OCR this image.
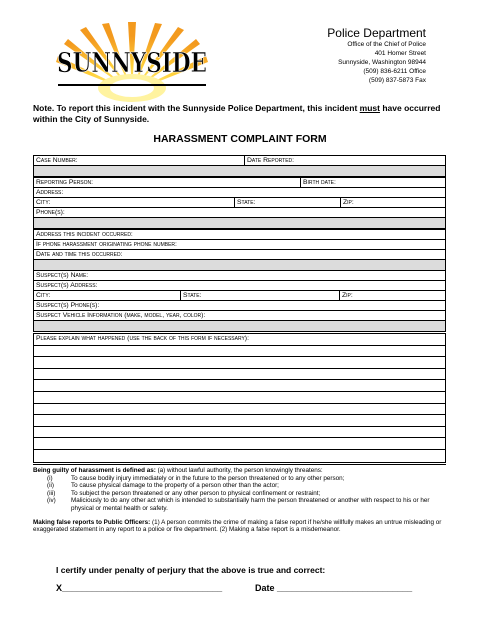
SUNNYSIDE
Police Department
Office of the Chief of Police
401 Homer Street
Sunnyside, Washington 98944
(509) 836-6211 Office
(509) 837-5873 Fax
Note. To report this incident with the Sunnyside Police Department, this incident must have occurred within the City of Sunnyside.
HARASSMENT COMPLAINT FORM
Case Number:	Date Reported:
Reporting Person:	Birth date:
Address:
City:	State:	Zip:
Phone(s):
Address this incident occurred:
If phone harassment originating phone number:
Date and time this occurred:
Suspect(s) Name:
Suspect(s) Address:
City:	State:	Zip:
Suspect(s) Phone(s):
Suspect Vehicle Information (make, model, year, color):
Please explain what happened (use the back of this form if necessary):
Being guilty of harassment is defined as: (a) without lawful authority, the person knowingly threatens:
(i)	To cause bodily injury immediately or in the future to the person threatened or to any other person;
(ii)	To cause physical damage to the property of a person other than the actor;
(iii)	To subject the person threatened or any other person to physical confinement or restraint;
(iv)	Maliciously to do any other act which is intended to substantially harm the person threatened or another with respect to his or her physical or mental health or safety.
Making false reports to Public Officers: (1) A person commits the crime of making a false report if he/she willfully makes an untrue misleading or exaggerated statement in any report to a police or fire department. (2) Making a false report is a misdemeanor.
I certify under penalty of perjury that the above is true and correct:
X________________________________	Date ___________________________
